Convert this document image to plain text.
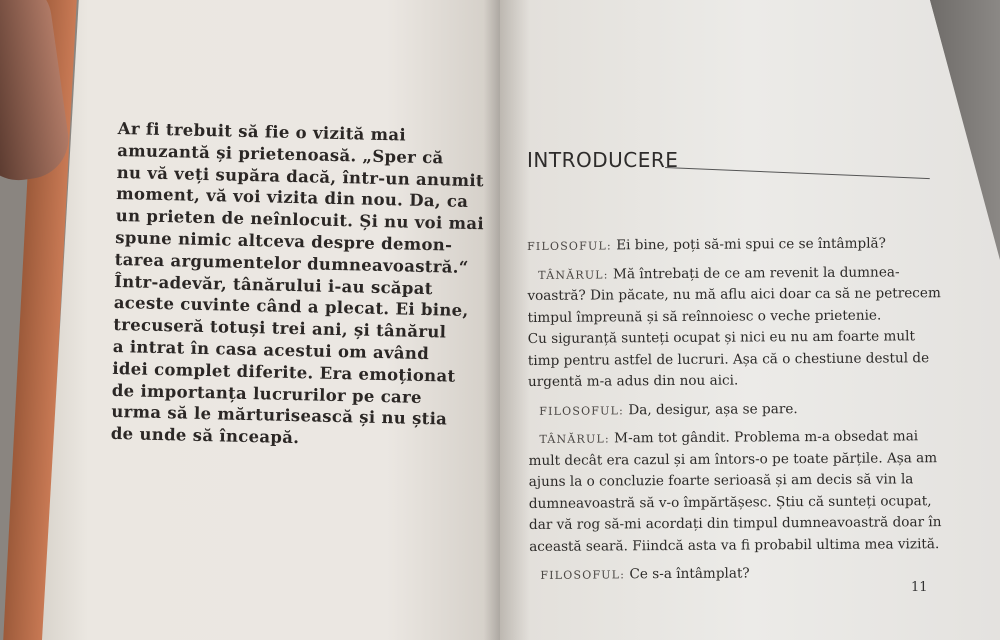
Ar fi trebuit să fie o vizită mai
amuzantă și prietenoasă. „Sper că
nu vă veți supăra dacă, într-un anumit
moment, vă voi vizita din nou. Da, ca
un prieten de neînlocuit. Și nu voi mai
spune nimic altceva despre demon-
tarea argumentelor dumneavoastră.“
Într-adevăr, tânărului i-au scăpat
aceste cuvinte când a plecat. Ei bine,
trecuseră totuși trei ani, și tânărul
a intrat în casa acestui om având
idei complet diferite. Era emoționat
de importanța lucrurilor pe care
urma să le mărturisească și nu știa
de unde să înceapă.
INTRODUCERE
FILOSOFUL: Ei bine, poți să-mi spui ce se întâmplă?
TÂNĂRUL: Mă întrebați de ce am revenit la dumnea-
voastră? Din păcate, nu mă aflu aici doar ca să ne petrecem
timpul împreună și să reînnoiesc o veche prietenie.
Cu siguranță sunteți ocupat și nici eu nu am foarte mult
timp pentru astfel de lucruri. Așa că o chestiune destul de
urgentă m-a adus din nou aici.
FILOSOFUL: Da, desigur, așa se pare.
TÂNĂRUL: M-am tot gândit. Problema m-a obsedat mai
mult decât era cazul și am întors-o pe toate părțile. Așa am
ajuns la o concluzie foarte serioasă și am decis să vin la
dumneavoastră să v-o împărtășesc. Știu că sunteți ocupat,
dar vă rog să-mi acordați din timpul dumneavoastră doar în
această seară. Fiindcă asta va fi probabil ultima mea vizită.
FILOSOFUL: Ce s-a întâmplat?
11
